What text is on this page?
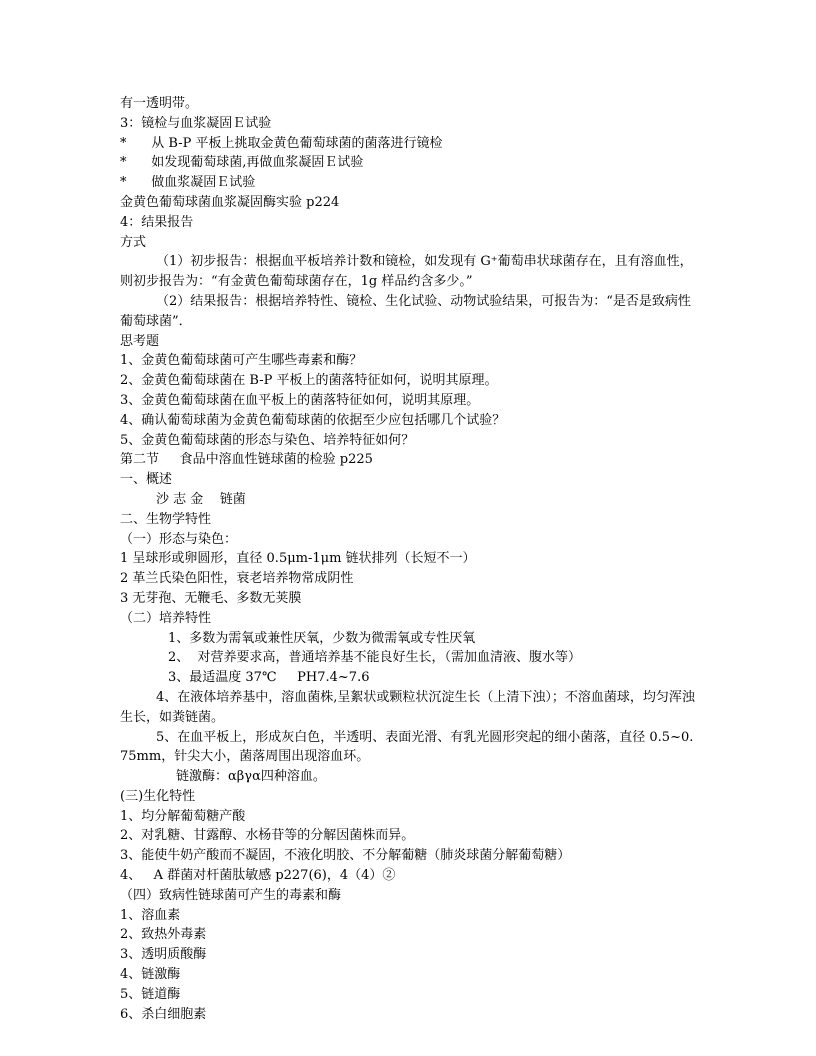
有一透明带。
3：镜检与血浆凝固Ｅ试验
*      从 B-P 平板上挑取金黄色葡萄球菌的菌落进行镜检
*      如发现葡萄球菌,再做血浆凝固Ｅ试验
*      做血浆凝固Ｅ试验
金黄色葡萄球菌血浆凝固酶实验 p224
4：结果报告
方式
（1）初步报告：根据血平板培养计数和镜检，如发现有 G⁺葡萄串状球菌存在，且有溶血性，则初步报告为：“有金黄色葡萄球菌存在，1g 样品约含多少。”
（2）结果报告：根据培养特性、镜检、生化试验、动物试验结果，可报告为：“是否是致病性葡萄球菌”．
思考题
1、金黄色葡萄球菌可产生哪些毒素和酶？
2、金黄色葡萄球菌在 B-P 平板上的菌落特征如何，说明其原理。
3、金黄色葡萄球菌在血平板上的菌落特征如何，说明其原理。
4、确认葡萄球菌为金黄色葡萄球菌的依据至少应包括哪几个试验？
5、金黄色葡萄球菌的形态与染色、培养特征如何？
第二节     食品中溶血性链球菌的检验 p225
一、概述
沙 志 金    链菌
二、生物学特性
（一）形态与染色：
1 呈球形或卵圆形，直径 0.5μm-1μm 链状排列（长短不一）
2 革兰氏染色阳性，衰老培养物常成阴性
3 无芽孢、无鞭毛、多数无荚膜
（二）培养特性
1、多数为需氧或兼性厌氧，少数为微需氧或专性厌氧
2、  对营养要求高，普通培养基不能良好生长，（需加血清液、腹水等）
3、最适温度 37℃     PH7.4~7.6
4、在液体培养基中，溶血菌株,呈絮状或颗粒状沉淀生长（上清下浊）；不溶血菌球，均匀浑浊生长，如粪链菌。
5、在血平板上，形成灰白色，半透明、表面光滑、有乳光圆形突起的细小菌落，直径 0.5~0.75mm，针尖大小，菌落周围出现溶血环。
链激酶：αβγα四种溶血。
(三)生化特性
1、均分解葡萄糖产酸
2、对乳糖、甘露醇、水杨苷等的分解因菌株而异。
3、能使牛奶产酸而不凝固，不液化明胶、不分解葡糖（肺炎球菌分解葡萄糖）
4、   A 群菌对杆菌肽敏感 p227(6)，4（4）②
（四）致病性链球菌可产生的毒素和酶
1、溶血素
2、致热外毒素
3、透明质酸酶
4、链激酶
5、链道酶
6、杀白细胞素
